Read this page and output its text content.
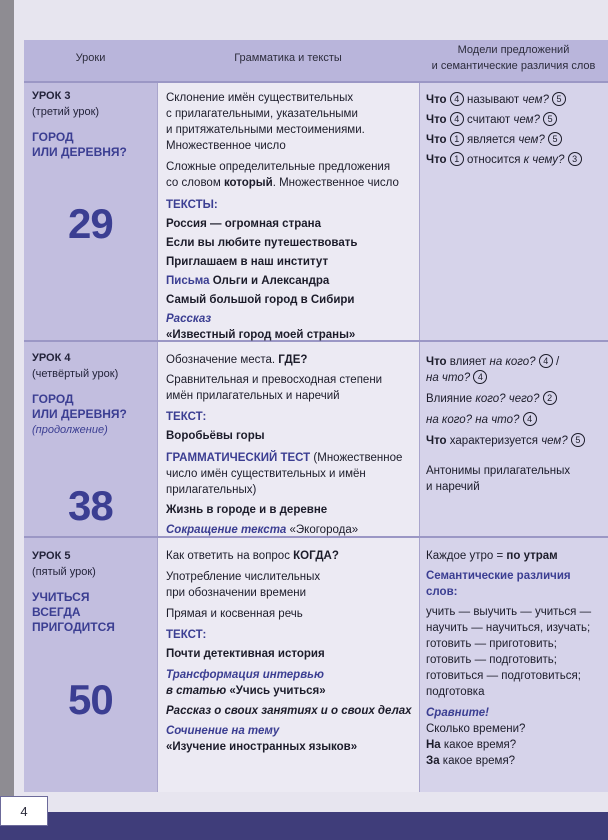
Уроки	Грамматика и тексты
Модели предложений
и семантические различия слов
УРОК 3
(третий урок)
ГОРОД
ИЛИ ДЕРЕВНЯ?
29
Склонение имён существительных
с прилагательными, указательными
и притяжательными местоимениями.
Множественное число
Сложные определительные предложения
со словом который. Множественное число
ТЕКСТЫ:
Россия — огромная страна
Если вы любите путешествовать
Приглашаем в наш институт
Письма Ольги и Александра
Самый большой город в Сибири
Рассказ
«Известный город моей страны»
Что 4 называют чем? 5
Что 4 считают чем? 5
Что 1 является чем? 5
Что 1 относится к чему? 3
УРОК 4
(четвёртый урок)
ГОРОД
ИЛИ ДЕРЕВНЯ?
(продолжение)
38
Обозначение места. ГДЕ?
Сравнительная и превосходная степени
имён прилагательных и наречий
ТЕКСТ:
Воробьёвы горы
ГРАММАТИЧЕСКИЙ ТЕСТ (Множественное
число имён существительных и имён
прилагательных)
Жизнь в городе и в деревне
Сокращение текста «Экогорода»
Что влияет на кого? 4 /
на что? 4
Влияние кого? чего? 2
на кого? на что? 4
Что характеризуется чем? 5
Антонимы прилагательных
и наречий
УРОК 5
(пятый урок)
УЧИТЬСЯ
ВСЕГДА
ПРИГОДИТСЯ
50
Как ответить на вопрос КОГДА?
Употребление числительных
при обозначении времени
Прямая и косвенная речь
ТЕКСТ:
Почти детективная история
Трансформация интервью
в статью «Учись учиться»
Рассказ о своих занятиях и о своих делах
Сочинение на тему
«Изучение иностранных языков»
Каждое утро = по утрам
Семантические различия
слов:
учить — выучить — учиться —
научить — научиться, изучать;
готовить — приготовить;
готовить — подготовить;
готовиться — подготовиться;
подготовка
Сравните!
Сколько времени?
На какое время?
За какое время?
4
